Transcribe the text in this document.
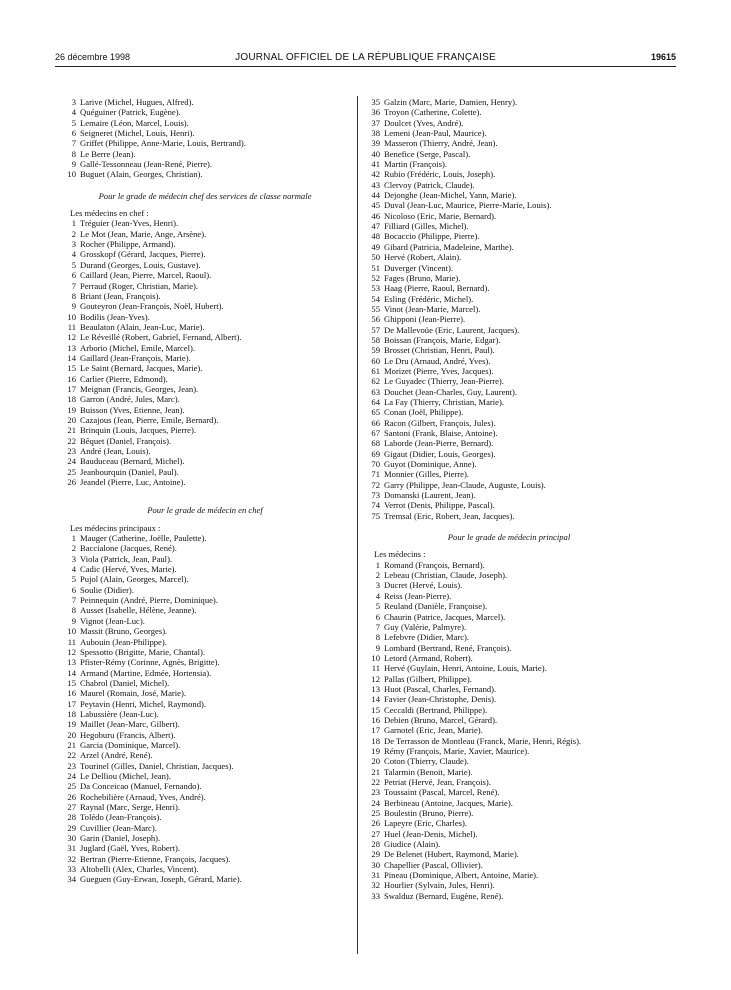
26 décembre 1998	JOURNAL OFFICIEL DE LA RÉPUBLIQUE FRANÇAISE	19615
3 Larive (Michel, Hugues, Alfred).
4 Quéguiner (Patrick, Eugène).
5 Lemaire (Léon, Marcel, Louis).
6 Seigneret (Michel, Louis, Henri).
7 Griffet (Philippe, Anne-Marie, Louis, Bertrand).
8 Le Berre (Jean).
9 Gallé-Tessonneau (Jean-René, Pierre).
10 Buguet (Alain, Georges, Christian).
Pour le grade de médecin chef des services de classe normale
Les médecins en chef :
1 Tréguier (Jean-Yves, Henri).
2 Le Mot (Jean, Marie, Ange, Arsène).
3 Rocher (Philippe, Armand).
4 Grosskopf (Gérard, Jacques, Pierre).
5 Durand (Georges, Louis, Gustave).
6 Caillard (Jean, Pierre, Marcel, Raoul).
7 Perraud (Roger, Christian, Marie).
8 Briant (Jean, François).
9 Gouteyron (Jean-François, Noël, Hubert).
10 Bodilis (Jean-Yves).
11 Beaulaton (Alain, Jean-Luc, Marie).
12 Le Réveillé (Robert, Gabriel, Fernand, Albert).
13 Arborio (Michel, Emile, Marcel).
14 Gaillard (Jean-François, Marie).
15 Le Saint (Bernard, Jacques, Marie).
16 Carlier (Pierre, Edmond).
17 Meignan (Francis, Georges, Jean).
18 Garron (André, Jules, Marc).
19 Buisson (Yves, Etienne, Jean).
20 Cazajous (Jean, Pierre, Emile, Bernard).
21 Brinquin (Louis, Jacques, Pierre).
22 Bêquet (Daniel, François).
23 André (Jean, Louis).
24 Bauduceau (Bernard, Michel).
25 Jeanbourquin (Daniel, Paul).
26 Jeandel (Pierre, Luc, Antoine).
Pour le grade de médecin en chef
Les médecins principaux :
1 Mauger (Catherine, Joëlle, Paulette).
2 Baccialone (Jacques, René).
3 Viola (Patrick, Jean, Paul).
4 Cadic (Hervé, Yves, Marie).
5 Pujol (Alain, Georges, Marcel).
6 Soulie (Didier).
7 Peinnequin (André, Pierre, Dominique).
8 Ausset (Isabelle, Hélène, Jeanne).
9 Vignot (Jean-Luc).
10 Massit (Bruno, Georges).
11 Aubouin (Jean-Philippe).
12 Spessotto (Brigitte, Marie, Chantal).
13 Pfister-Rémy (Corinne, Agnès, Brigitte).
14 Armand (Martine, Edmée, Hortensia).
15 Chabrol (Daniel, Michel).
16 Maurel (Romain, José, Marie).
17 Peytavin (Henri, Michel, Raymond).
18 Labussière (Jean-Luc).
19 Maillet (Jean-Marc, Gilbert).
20 Hegoburu (Francis, Albert).
21 Garcia (Dominique, Marcel).
22 Arzel (André, René).
23 Tourinel (Gilles, Daniel, Christian, Jacques).
24 Le Delliou (Michel, Jean).
25 Da Conceicao (Manuel, Fernando).
26 Rochebilière (Arnaud, Yves, André).
27 Raynal (Marc, Serge, Henri).
28 Tolédo (Jean-François).
29 Cuvillier (Jean-Marc).
30 Garin (Daniel, Joseph).
31 Juglard (Gaël, Yves, Robert).
32 Bertran (Pierre-Etienne, François, Jacques).
33 Altobelli (Alex, Charles, Vincent).
34 Gueguen (Guy-Erwan, Joseph, Gérard, Marie).
35 Galzin (Marc, Marie, Damien, Henry).
36 Troyon (Catherine, Colette).
37 Doulcet (Yves, André).
38 Lemeni (Jean-Paul, Maurice).
39 Masseron (Thierry, André, Jean).
40 Benefice (Serge, Pascal).
41 Martin (François).
42 Rubio (Frédéric, Louis, Joseph).
43 Clervoy (Patrick, Claude).
44 Dejonghe (Jean-Michel, Yann, Marie).
45 Duval (Jean-Luc, Maurice, Pierre-Marie, Louis).
46 Nicoloso (Eric, Marie, Bernard).
47 Filliard (Gilles, Michel).
48 Bocaccio (Philippe, Pierre).
49 Gibard (Patricia, Madeleine, Marthe).
50 Hervé (Robert, Alain).
51 Duverger (Vincent).
52 Fages (Bruno, Marie).
53 Haag (Pierre, Raoul, Bernard).
54 Esling (Frédéric, Michel).
55 Vinot (Jean-Marie, Marcel).
56 Ghipponi (Jean-Pierre).
57 De Mallevoüe (Eric, Laurent, Jacques).
58 Boissan (François, Marie, Edgar).
59 Brosset (Christian, Henri, Paul).
60 Le Dru (Arnaud, André, Yves).
61 Morizet (Pierre, Yves, Jacques).
62 Le Guyadec (Thierry, Jean-Pierre).
63 Douchet (Jean-Charles, Guy, Laurent).
64 La Fay (Thierry, Christian, Marie).
65 Conan (Joël, Philippe).
66 Racon (Gilbert, François, Jules).
67 Santoni (Frank, Blaise, Antoine).
68 Laborde (Jean-Pierre, Bernard).
69 Gigaut (Didier, Louis, Georges).
70 Guyot (Dominique, Anne).
71 Monnier (Gilles, Pierre).
72 Garry (Philippe, Jean-Claude, Auguste, Louis).
73 Domanski (Laurent, Jean).
74 Verrot (Denis, Philippe, Pascal).
75 Tremsal (Eric, Robert, Jean, Jacques).
Pour le grade de médecin principal
Les médecins :
1 Romand (François, Bernard).
2 Lebeau (Christian, Claude, Joseph).
3 Ducret (Hervé, Louis).
4 Reiss (Jean-Pierre).
5 Reuland (Danièle, Françoise).
6 Chaurin (Patrice, Jacques, Marcel).
7 Guy (Valérie, Palmyre).
8 Lefebvre (Didier, Marc).
9 Lombard (Bertrand, René, François).
10 Letord (Armand, Robert).
11 Hervé (Guylain, Henri, Antoine, Louis, Marie).
12 Pallas (Gilbert, Philippe).
13 Huot (Pascal, Charles, Fernand).
14 Favier (Jean-Christophe, Denis).
15 Ceccaldi (Bertrand, Philippe).
16 Debien (Bruno, Marcel, Gérard).
17 Garnotel (Eric, Jean, Marie).
18 De Terrasson de Montleau (Franck, Marie, Henri, Régis).
19 Rémy (François, Marie, Xavier, Maurice).
20 Coton (Thierry, Claude).
21 Talarmin (Benoit, Marie).
22 Petriat (Hervé, Jean, François).
23 Toussaint (Pascal, Marcel, René).
24 Berbineau (Antoine, Jacques, Marie).
25 Boulestin (Bruno, Pierre).
26 Lapeyre (Eric, Charles).
27 Huel (Jean-Denis, Michel).
28 Giudice (Alain).
29 De Belenet (Hubert, Raymond, Marie).
30 Chapellier (Pascal, Ollivier).
31 Pineau (Dominique, Albert, Antoine, Marie).
32 Hourlier (Sylvain, Jules, Henri).
33 Swalduz (Bernard, Eugène, René).
